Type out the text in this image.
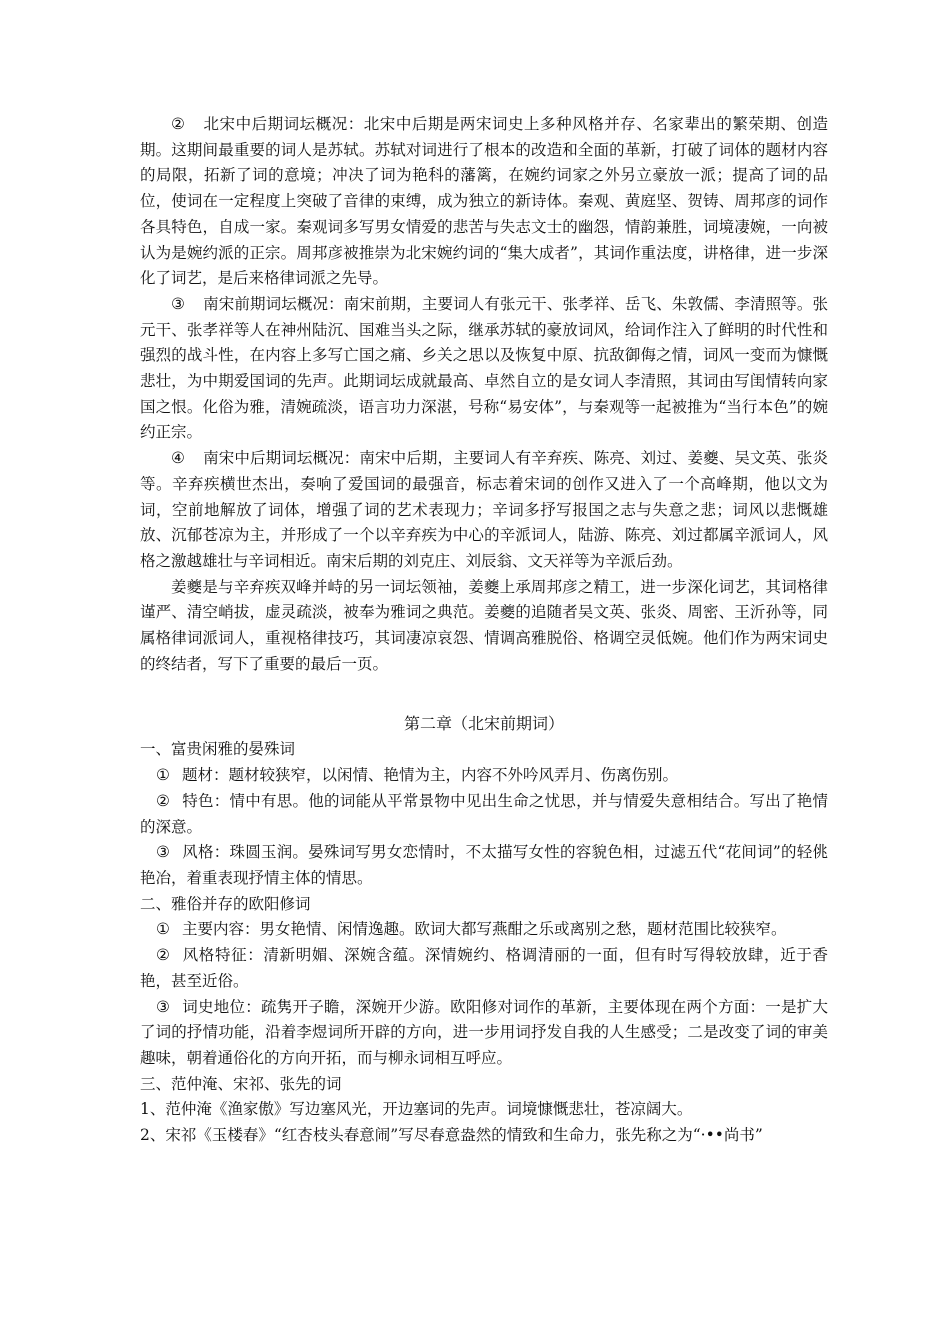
② 北宋中后期词坛概况：北宋中后期是两宋词史上多种风格并存、名家辈出的繁荣期、创造期。这期间最重要的词人是苏轼。苏轼对词进行了根本的改造和全面的革新，打破了词体的题材内容的局限，拓新了词的意境；冲决了词为艳科的藩篱，在婉约词家之外另立豪放一派；提高了词的品位，使词在一定程度上突破了音律的束缚，成为独立的新诗体。秦观、黄庭坚、贺铸、周邦彦的词作各具特色，自成一家。秦观词多写男女情爱的悲苦与失志文士的幽怨，情韵兼胜，词境凄婉，一向被认为是婉约派的正宗。周邦彦被推崇为北宋婉约词的“集大成者”，其词作重法度，讲格律，进一步深化了词艺，是后来格律词派之先导。

③ 南宋前期词坛概况：南宋前期，主要词人有张元干、张孝祥、岳飞、朱敦儒、李清照等。张元干、张孝祥等人在神州陆沉、国难当头之际，继承苏轼的豪放词风，给词作注入了鲜明的时代性和强烈的战斗性，在内容上多写亡国之痛、乡关之思以及恢复中原、抗敌御侮之情，词风一变而为慷慨悲壮，为中期爱国词的先声。此期词坛成就最高、卓然自立的是女词人李清照，其词由写闺情转向家国之恨。化俗为雅，清婉疏淡，语言功力深湛，号称“易安体”，与秦观等一起被推为“当行本色”的婉约正宗。

④ 南宋中后期词坛概况：南宋中后期，主要词人有辛弃疾、陈亮、刘过、姜夔、吴文英、张炎等。辛弃疾横世杰出，奏响了爱国词的最强音，标志着宋词的创作又进入了一个高峰期，他以文为词，空前地解放了词体，增强了词的艺术表现力；辛词多抒写报国之志与失意之悲；词风以悲慨雄放、沉郁苍凉为主，并形成了一个以辛弃疾为中心的辛派词人，陆游、陈亮、刘过都属辛派词人，风格之激越雄壮与辛词相近。南宋后期的刘克庄、刘辰翁、文天祥等为辛派后劲。

姜夔是与辛弃疾双峰并峙的另一词坛领袖，姜夔上承周邦彦之精工，进一步深化词艺，其词格律谨严、清空峭拔，虚灵疏淡，被奉为雅词之典范。姜夔的追随者吴文英、张炎、周密、王沂孙等，同属格律词派词人，重视格律技巧，其词凄凉哀怨、情调高雅脱俗、格调空灵低婉。他们作为两宋词史的终结者，写下了重要的最后一页。

第二章（北宋前期词）

一、富贵闲雅的晏殊词

① 题材：题材较狭窄，以闲情、艳情为主，内容不外吟风弄月、伤离伤别。

② 特色：情中有思。他的词能从平常景物中见出生命之忧思，并与情爱失意相结合。写出了艳情的深意。

③ 风格：珠圆玉润。晏殊词写男女恋情时，不太描写女性的容貌色相，过滤五代“花间词”的轻佻艳冶，着重表现抒情主体的情思。

二、雅俗并存的欧阳修词

① 主要内容：男女艳情、闲情逸趣。欧词大都写燕酣之乐或离别之愁，题材范围比较狭窄。

② 风格特征：清新明媚、深婉含蕴。深情婉约、格调清丽的一面，但有时写得较放肆，近于香艳，甚至近俗。

③ 词史地位：疏隽开子瞻，深婉开少游。欧阳修对词作的革新，主要体现在两个方面：一是扩大了词的抒情功能，沿着李煜词所开辟的方向，进一步用词抒发自我的人生感受；二是改变了词的审美趣味，朝着通俗化的方向开拓，而与柳永词相互呼应。

三、范仲淹、宋祁、张先的词

1、范仲淹《渔家傲》写边塞风光，开边塞词的先声。词境慷慨悲壮，苍凉阔大。

2、宋祁《玉楼春》“红杏枝头春意闹”写尽春意盎然的情致和生命力，张先称之为“·••尚书”
